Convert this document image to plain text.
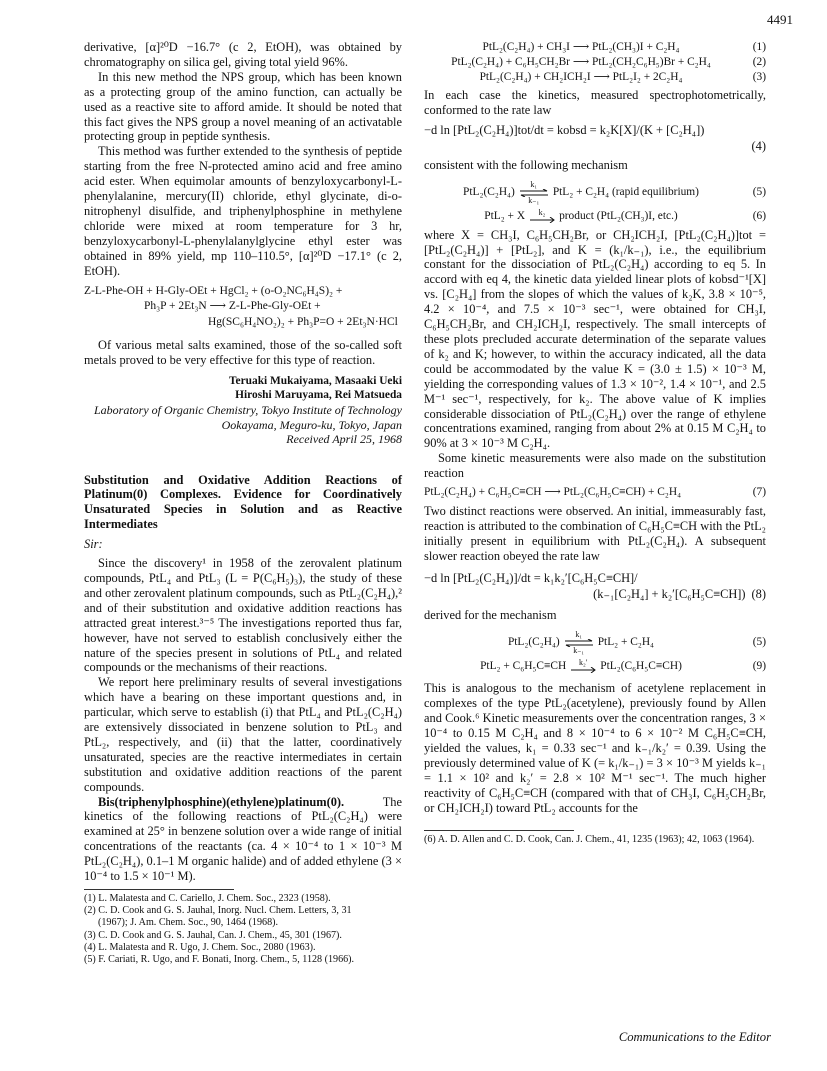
4491

derivative, [α]²⁰D −16.7° (c 2, EtOH), was obtained by chromatography on silica gel, giving total yield 96%.

In this new method the NPS group, which has been known as a protecting group of the amino function, can actually be used as a reactive site to afford amide. It should be noted that this fact gives the NPS group a novel meaning of an activatable protecting group in peptide synthesis.

This method was further extended to the synthesis of peptide starting from the free N-protected amino acid and free amino acid ester. When equimolar amounts of benzyloxycarbonyl-L-phenylalanine, mercury(II) chloride, ethyl glycinate, di-o-nitrophenyl disulfide, and triphenylphosphine in methylene chloride were mixed at room temperature for 3 hr, benzyloxycarbonyl-L-phenylalanylglycine ethyl ester was obtained in 89% yield, mp 110–110.5°, [α]²⁰D −17.1° (c 2, EtOH).

Z-L-Phe-OH + H-Gly-OEt + HgCl₂ + (o-O₂NC₆H₄S)₂ +
Ph₃P + 2Et₃N ⟶ Z-L-Phe-Gly-OEt +
Hg(SC₆H₄NO₂)₂ + Ph₃P=O + 2Et₃N·HCl

Of various metal salts examined, those of the so-called soft metals proved to be very effective for this type of reaction.

Teruaki Mukaiyama, Masaaki Ueki
Hiroshi Maruyama, Rei Matsueda
Laboratory of Organic Chemistry, Tokyo Institute of Technology
Ookayama, Meguro-ku, Tokyo, Japan
Received April 25, 1968
Substitution and Oxidative Addition Reactions of Platinum(0) Complexes. Evidence for Coordinatively Unsaturated Species in Solution and as Reactive Intermediates
Sir:

Since the discovery¹ in 1958 of the zerovalent platinum compounds, PtL₄ and PtL₃ (L = P(C₆H₅)₃), the study of these and other zerovalent platinum compounds, such as PtL₂(C₂H₄),² and of their substitution and oxidative addition reactions has attracted great interest.³⁻⁵ The investigations reported thus far, however, have not served to establish conclusively either the nature of the species present in solutions of PtL₄ and related compounds or the mechanisms of their reactions.

We report here preliminary results of several investigations which have a bearing on these important questions and, in particular, which serve to establish (i) that PtL₄ and PtL₂(C₂H₄) are extensively dissociated in benzene solution to PtL₃ and PtL₂, respectively, and (ii) that the latter, coordinatively unsaturated, species are the reactive intermediates in certain substitution and oxidative addition reactions of the parent compounds.

Bis(triphenylphosphine)(ethylene)platinum(0). The kinetics of the following reactions of PtL₂(C₂H₄) were examined at 25° in benzene solution over a wide range of initial concentrations of the reactants (ca. 4 × 10⁻⁴ to 1 × 10⁻³ M PtL₂(C₂H₄), 0.1–1 M organic halide) and of added ethylene (3 × 10⁻⁴ to 1.5 × 10⁻¹ M).

(1) L. Malatesta and C. Cariello, J. Chem. Soc., 2323 (1958).
(2) C. D. Cook and G. S. Jauhal, Inorg. Nucl. Chem. Letters, 3, 31
(1967); J. Am. Chem. Soc., 90, 1464 (1968).
(3) C. D. Cook and G. S. Jauhal, Can. J. Chem., 45, 301 (1967).
(4) L. Malatesta and R. Ugo, J. Chem. Soc., 2080 (1963).
(5) F. Cariati, R. Ugo, and F. Bonati, Inorg. Chem., 5, 1128 (1966).
PtL₂(C₂H₄) + CH₃I ⟶ PtL₂(CH₃)I + C₂H₄	(1)
PtL₂(C₂H₄) + C₆H₅CH₂Br ⟶ PtL₂(CH₂C₆H₅)Br + C₂H₄	(2)
PtL₂(C₂H₄) + CH₂ICH₂I ⟶ PtL₂I₂ + 2C₂H₄	(3)

In each case the kinetics, measured spectrophotometrically, conformed to the rate law

−d ln [PtL₂(C₂H₄)]tot/dt = kobsd = k₂K[X]/(K + [C₂H₄])
(4)

consistent with the following mechanism

PtL₂(C₂H₄)
k₁
k₋₁
PtL₂ + C₂H₄ (rapid equilibrium)	(5)
PtL₂ + X k₂ product (PtL₂(CH₃)I, etc.)	(6)

where X = CH₃I, C₆H₅CH₂Br, or CH₂ICH₂I, [PtL₂(C₂H₄)]tot = [PtL₂(C₂H₄)] + [PtL₂], and K = (k₁/k₋₁), i.e., the equilibrium constant for the dissociation of PtL₂(C₂H₄) according to eq 5. In accord with eq 4, the kinetic data yielded linear plots of kobsd⁻¹[X] vs. [C₂H₄] from the slopes of which the values of k₂K, 3.8 × 10⁻⁵, 4.2 × 10⁻⁴, and 7.5 × 10⁻³ sec⁻¹, were obtained for CH₃I, C₆H₅CH₂Br, and CH₂ICH₂I, respectively. The small intercepts of these plots precluded accurate determination of the separate values of k₂ and K; however, to within the accuracy indicated, all the data could be accommodated by the value K = (3.0 ± 1.5) × 10⁻³ M, yielding the corresponding values of 1.3 × 10⁻², 1.4 × 10⁻¹, and 2.5 M⁻¹ sec⁻¹, respectively, for k₂. The above value of K implies considerable dissociation of PtL₂(C₂H₄) over the range of ethylene concentrations examined, ranging from about 2% at 0.15 M C₂H₄ to 90% at 3 × 10⁻³ M C₂H₄.

Some kinetic measurements were also made on the substitution reaction

PtL₂(C₂H₄) + C₆H₅C≡CH ⟶ PtL₂(C₆H₅C≡CH) + C₂H₄	(7)

Two distinct reactions were observed. An initial, immeasurably fast, reaction is attributed to the combination of C₆H₅C≡CH with the PtL₂ initially present in equilibrium with PtL₂(C₂H₄). A subsequent slower reaction obeyed the rate law

−d ln [PtL₂(C₂H₄)]/dt = k₁k₂′[C₆H₅C≡CH]/
(k₋₁[C₂H₄] + k₂′[C₆H₅C≡CH]) (8)

derived for the mechanism

PtL₂(C₂H₄)
k₁
k₋₁
PtL₂ + C₂H₄	(5)
PtL₂ + C₆H₅C≡CH k₂′ PtL₂(C₆H₅C≡CH)	(9)

This is analogous to the mechanism of acetylene replacement in complexes of the type PtL₂(acetylene), previously found by Allen and Cook.⁶ Kinetic measurements over the concentration ranges, 3 × 10⁻⁴ to 0.15 M C₂H₄ and 8 × 10⁻⁴ to 6 × 10⁻² M C₆H₅C≡CH, yielded the values, k₁ = 0.33 sec⁻¹ and k₋₁/k₂′ = 0.39. Using the previously determined value of K (= k₁/k₋₁) = 3 × 10⁻³ M yields k₋₁ = 1.1 × 10² and k₂′ = 2.8 × 10² M⁻¹ sec⁻¹. The much higher reactivity of C₆H₅C≡CH (compared with that of CH₃I, C₆H₅CH₂Br, or CH₂ICH₂I) toward PtL₂ accounts for the

(6) A. D. Allen and C. D. Cook, Can. J. Chem., 41, 1235 (1963); 42, 1063 (1964).
Communications to the Editor
